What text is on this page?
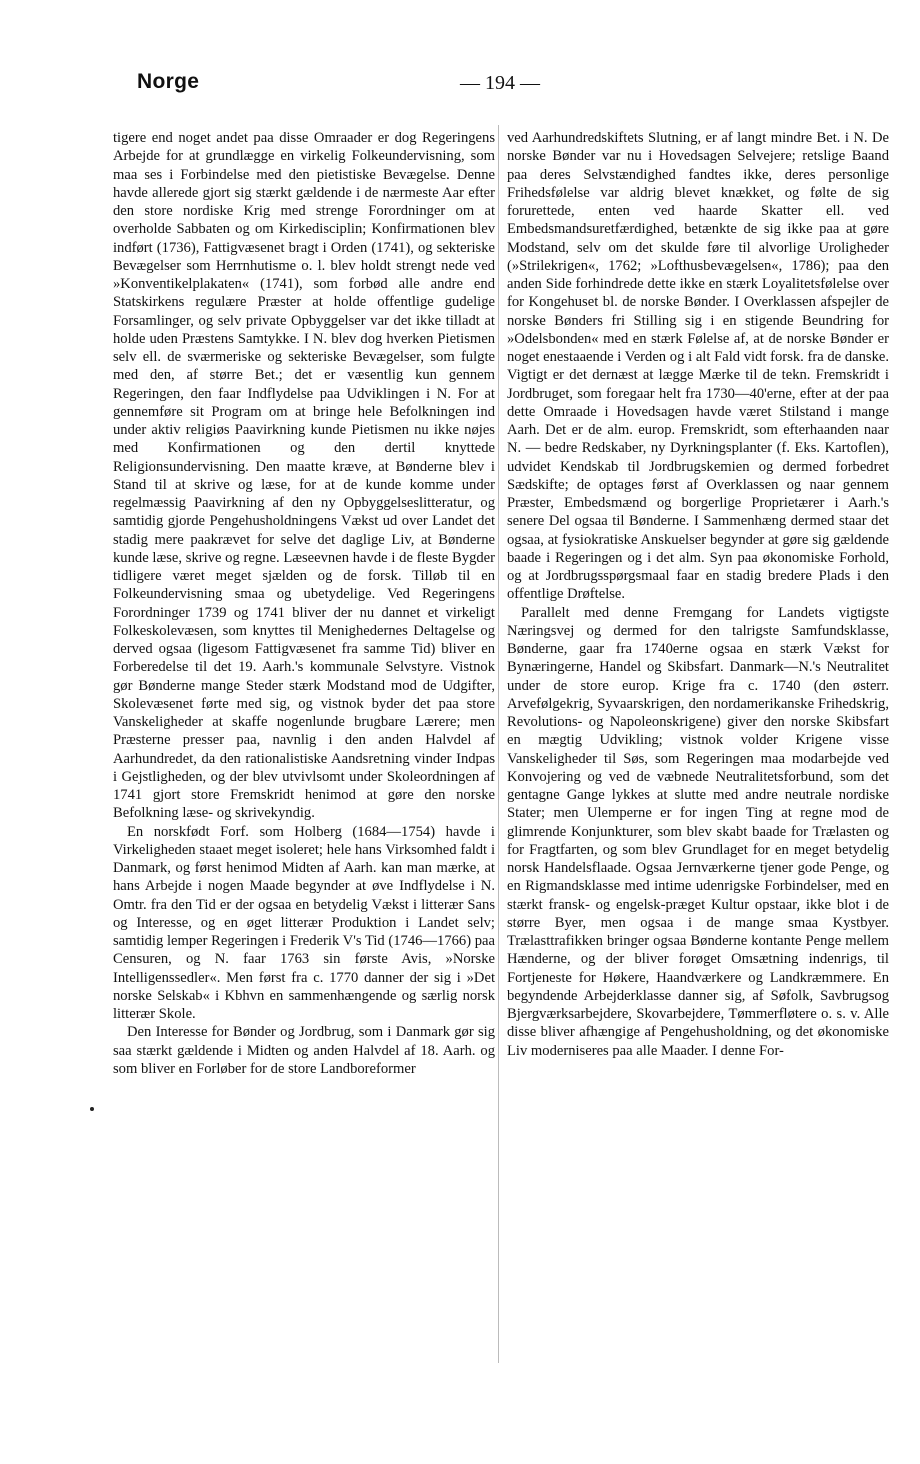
Norge	— 194 —

tigere end noget andet paa disse Omraader er dog Regeringens Arbejde for at grundlægge en virkelig Folkeundervisning, som maa ses i Forbindelse med den pietistiske Bevægelse. Denne havde allerede gjort sig stærkt gældende i de nærmeste Aar efter den store nordiske Krig med strenge Forordninger om at overholde Sabbaten og om Kirkedisciplin; Konfirmationen blev indført (1736), Fattigvæsenet bragt i Orden (1741), og sekteriske Bevægelser som Herrnhutisme o. l. blev holdt strengt nede ved »Konventikelplakaten« (1741), som forbød alle andre end Statskirkens regulære Præster at holde offentlige gudelige Forsamlinger, og selv private Opbyggelser var det ikke tilladt at holde uden Præstens Samtykke. I N. blev dog hverken Pietismen selv ell. de sværmeriske og sekteriske Bevægelser, som fulgte med den, af større Bet.; det er væsentlig kun gennem Regeringen, den faar Indflydelse paa Udviklingen i N. For at gennemføre sit Program om at bringe hele Befolkningen ind under aktiv religiøs Paavirkning kunde Pietismen nu ikke nøjes med Konfirmationen og den dertil knyttede Religionsundervisning. Den maatte kræve, at Bønderne blev i Stand til at skrive og læse, for at de kunde komme under regelmæssig Paavirkning af den ny Opbyggelseslitteratur, og samtidig gjorde Pengehusholdningens Vækst ud over Landet det stadig mere paakrævet for selve det daglige Liv, at Bønderne kunde læse, skrive og regne. Læseevnen havde i de fleste Bygder tidligere været meget sjælden og de forsk. Tilløb til en Folkeundervisning smaa og ubetydelige. Ved Regeringens Forordninger 1739 og 1741 bliver der nu dannet et virkeligt Folkeskolevæsen, som knyttes til Menighedernes Deltagelse og derved ogsaa (ligesom Fattigvæsenet fra samme Tid) bliver en Forberedelse til det 19. Aarh.'s kommunale Selvstyre. Vistnok gør Bønderne mange Steder stærk Modstand mod de Udgifter, Skolevæsenet førte med sig, og vistnok byder det paa store Vanskeligheder at skaffe nogenlunde brugbare Lærere; men Præsterne presser paa, navnlig i den anden Halvdel af Aarhundredet, da den rationalistiske Aandsretning vinder Indpas i Gejstligheden, og der blev utvivlsomt under Skoleordningen af 1741 gjort store Fremskridt henimod at gøre den norske Befolkning læse- og skrivekyndig.

En norskfødt Forf. som Holberg (1684—1754) havde i Virkeligheden staaet meget isoleret; hele hans Virksomhed faldt i Danmark, og først henimod Midten af Aarh. kan man mærke, at hans Arbejde i nogen Maade begynder at øve Indflydelse i N. Omtr. fra den Tid er der ogsaa en betydelig Vækst i litterær Sans og Interesse, og en øget litterær Produktion i Landet selv; samtidig lemper Regeringen i Frederik V's Tid (1746—1766) paa Censuren, og N. faar 1763 sin første Avis, »Norske Intelligenssedler«. Men først fra c. 1770 danner der sig i »Det norske Selskab« i Kbhvn en sammenhængende og særlig norsk litterær Skole.

Den Interesse for Bønder og Jordbrug, som i Danmark gør sig saa stærkt gældende i Midten og anden Halvdel af 18. Aarh. og som bliver en Forløber for de store Landboreformer

ved Aarhundredskiftets Slutning, er af langt mindre Bet. i N. De norske Bønder var nu i Hovedsagen Selvejere; retslige Baand paa deres Selvstændighed fandtes ikke, deres personlige Frihedsfølelse var aldrig blevet knækket, og følte de sig forurettede, enten ved haarde Skatter ell. ved Embedsmandsuretfærdighed, betænkte de sig ikke paa at gøre Modstand, selv om det skulde føre til alvorlige Uroligheder (»Strilekrigen«, 1762; »Lofthusbevægelsen«, 1786); paa den anden Side forhindrede dette ikke en stærk Loyalitetsfølelse over for Kongehuset bl. de norske Bønder. I Overklassen afspejler de norske Bønders fri Stilling sig i en stigende Beundring for »Odelsbonden« med en stærk Følelse af, at de norske Bønder er noget enestaaende i Verden og i alt Fald vidt forsk. fra de danske. Vigtigt er det dernæst at lægge Mærke til de tekn. Fremskridt i Jordbruget, som foregaar helt fra 1730—40'erne, efter at der paa dette Omraade i Hovedsagen havde været Stilstand i mange Aarh. Det er de alm. europ. Fremskridt, som efterhaanden naar N. — bedre Redskaber, ny Dyrkningsplanter (f. Eks. Kartoflen), udvidet Kendskab til Jordbrugskemien og dermed forbedret Sædskifte; de optages først af Overklassen og naar gennem Præster, Embedsmænd og borgerlige Proprietærer i Aarh.'s senere Del ogsaa til Bønderne. I Sammenhæng dermed staar det ogsaa, at fysiokratiske Anskuelser begynder at gøre sig gældende baade i Regeringen og i det alm. Syn paa økonomiske Forhold, og at Jordbrugsspørgsmaal faar en stadig bredere Plads i den offentlige Drøftelse.

Parallelt med denne Fremgang for Landets vigtigste Næringsvej og dermed for den talrigste Samfundsklasse, Bønderne, gaar fra 1740erne ogsaa en stærk Vækst for Bynæringerne, Handel og Skibsfart. Danmark—N.'s Neutralitet under de store europ. Krige fra c. 1740 (den østerr. Arvefølgekrig, Syvaarskrigen, den nordamerikanske Frihedskrig, Revolutions- og Napoleonskrigene) giver den norske Skibsfart en mægtig Udvikling; vistnok volder Krigene visse Vanskeligheder til Søs, som Regeringen maa modarbejde ved Konvojering og ved de væbnede Neutralitetsforbund, som det gentagne Gange lykkes at slutte med andre neutrale nordiske Stater; men Ulemperne er for ingen Ting at regne mod de glimrende Konjunkturer, som blev skabt baade for Trælasten og for Fragtfarten, og som blev Grundlaget for en meget betydelig norsk Handelsflaade. Ogsaa Jernværkerne tjener gode Penge, og en Rigmandsklasse med intime udenrigske Forbindelser, med en stærkt fransk- og engelsk-præget Kultur opstaar, ikke blot i de større Byer, men ogsaa i de mange smaa Kystbyer. Trælasttrafikken bringer ogsaa Bønderne kontante Penge mellem Hænderne, og der bliver forøget Omsætning indenrigs, til Fortjeneste for Høkere, Haandværkere og Landkræmmere. En begyndende Arbejderklasse danner sig, af Søfolk, Savbrugsog Bjergværksarbejdere, Skovarbejdere, Tømmerfløtere o. s. v. Alle disse bliver afhængige af Pengehusholdning, og det økonomiske Liv moderniseres paa alle Maader. I denne For-
